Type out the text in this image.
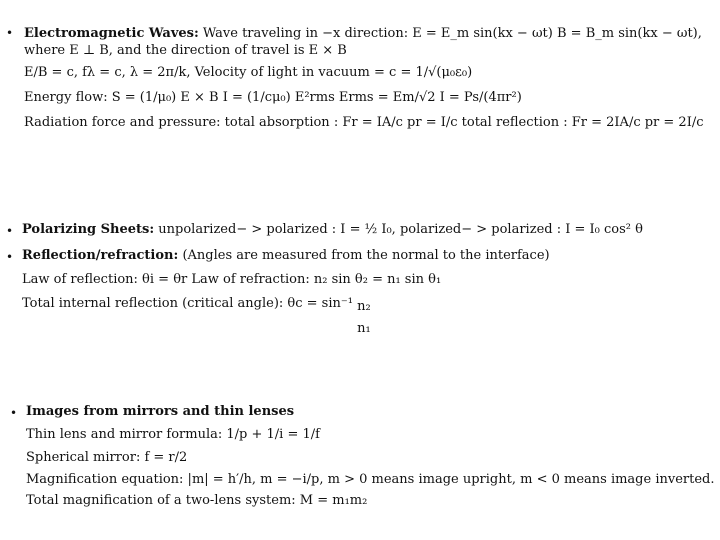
• Electromagnetic Waves: Wave traveling in −x direction: E = E_m sin(kx − ωt) B = B_m sin(kx − ωt),
where E ⊥ B, and the direction of travel is E × B
E/B = c, fλ = c, λ = 2π/k, Velocity of light in vacuum = c = 1/√(μ₀ε₀)
Energy flow: S = (1/μ₀) E × B I = (1/cμ₀) E²rms Erms = Em/√2 I = Ps/(4πr²)
Radiation force and pressure: total absorption : Fr = IA/c pr = I/c total reflection : Fr = 2IA/c pr = 2I/c
• Polarizing Sheets: unpolarized− > polarized : I = ½ I₀, polarized− > polarized : I = I₀ cos² θ
• Reflection/refraction: (Angles are measured from the normal to the interface)
Law of reflection: θi = θr Law of refraction: n₂ sin θ₂ = n₁ sin θ₁
Total internal reflection (critical angle): θc = sin⁻¹ n₂
n₁
• Images from mirrors and thin lenses
Thin lens and mirror formula: 1/p + 1/i = 1/f
Spherical mirror: f = r/2
Magnification equation: |m| = h′/h, m = −i/p, m > 0 means image upright, m < 0 means image inverted.
Total magnification of a two-lens system: M = m₁m₂
